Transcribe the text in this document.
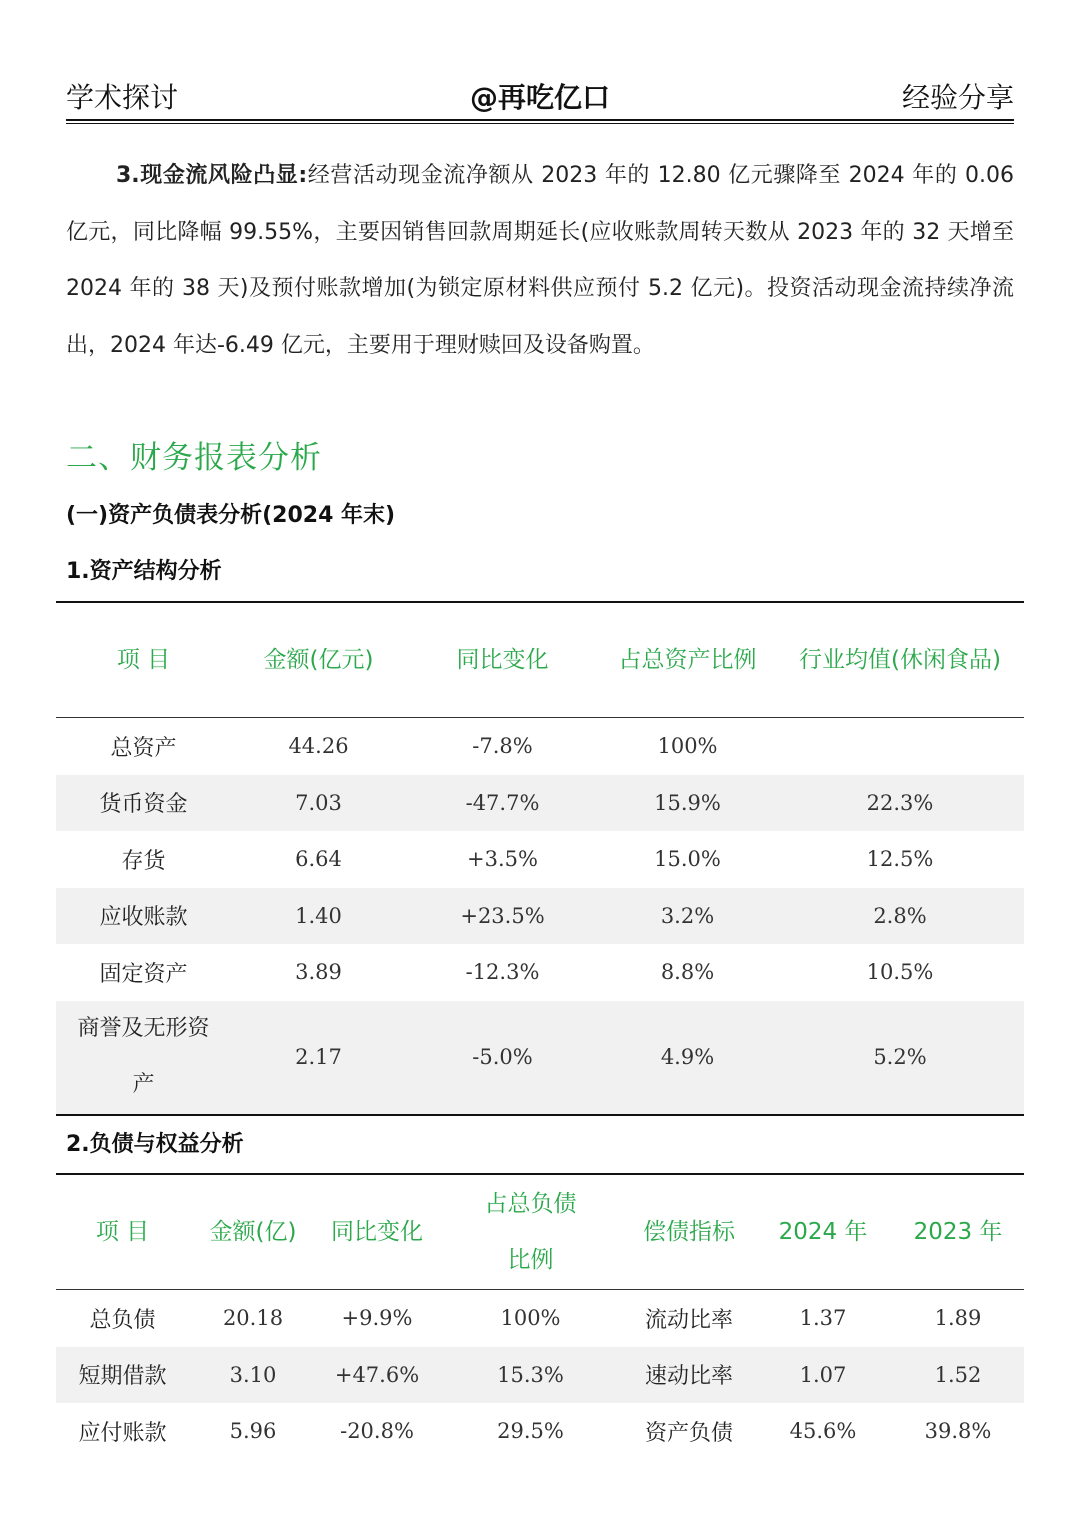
学术探讨	@再吃亿口	经验分享

3.现金流风险凸显:经营活动现金流净额从 2023 年的 12.80 亿元骤降至 2024 年的 0.06 亿元，同比降幅 99.55%，主要因销售回款周期延长(应收账款周转天数从 2023 年的 32 天增至 2024 年的 38 天)及预付账款增加(为锁定原材料供应预付 5.2 亿元)。投资活动现金流持续净流出，2024 年达-6.49 亿元，主要用于理财赎回及设备购置。

二、财务报表分析
(一)资产负债表分析(2024 年末)
1.资产结构分析
项 目	金额(亿元)	同比变化	占总资产比例	行业均值(休闲食品)
总资产	44.26	-7.8%	100%	
货币资金	7.03	-47.7%	15.9%	22.3%
存货	6.64	+3.5%	15.0%	12.5%
应收账款	1.40	+23.5%	3.2%	2.8%
固定资产	3.89	-12.3%	8.8%	10.5%
商誉及无形资产	2.17	-5.0%	4.9%	5.2%
2.负债与权益分析
项 目	金额(亿)	同比变化	占总负债比例	偿债指标	2024 年	2023 年
总负债	20.18	+9.9%	100%	流动比率	1.37	1.89
短期借款	3.10	+47.6%	15.3%	速动比率	1.07	1.52
应付账款	5.96	-20.8%	29.5%	资产负债	45.6%	39.8%
